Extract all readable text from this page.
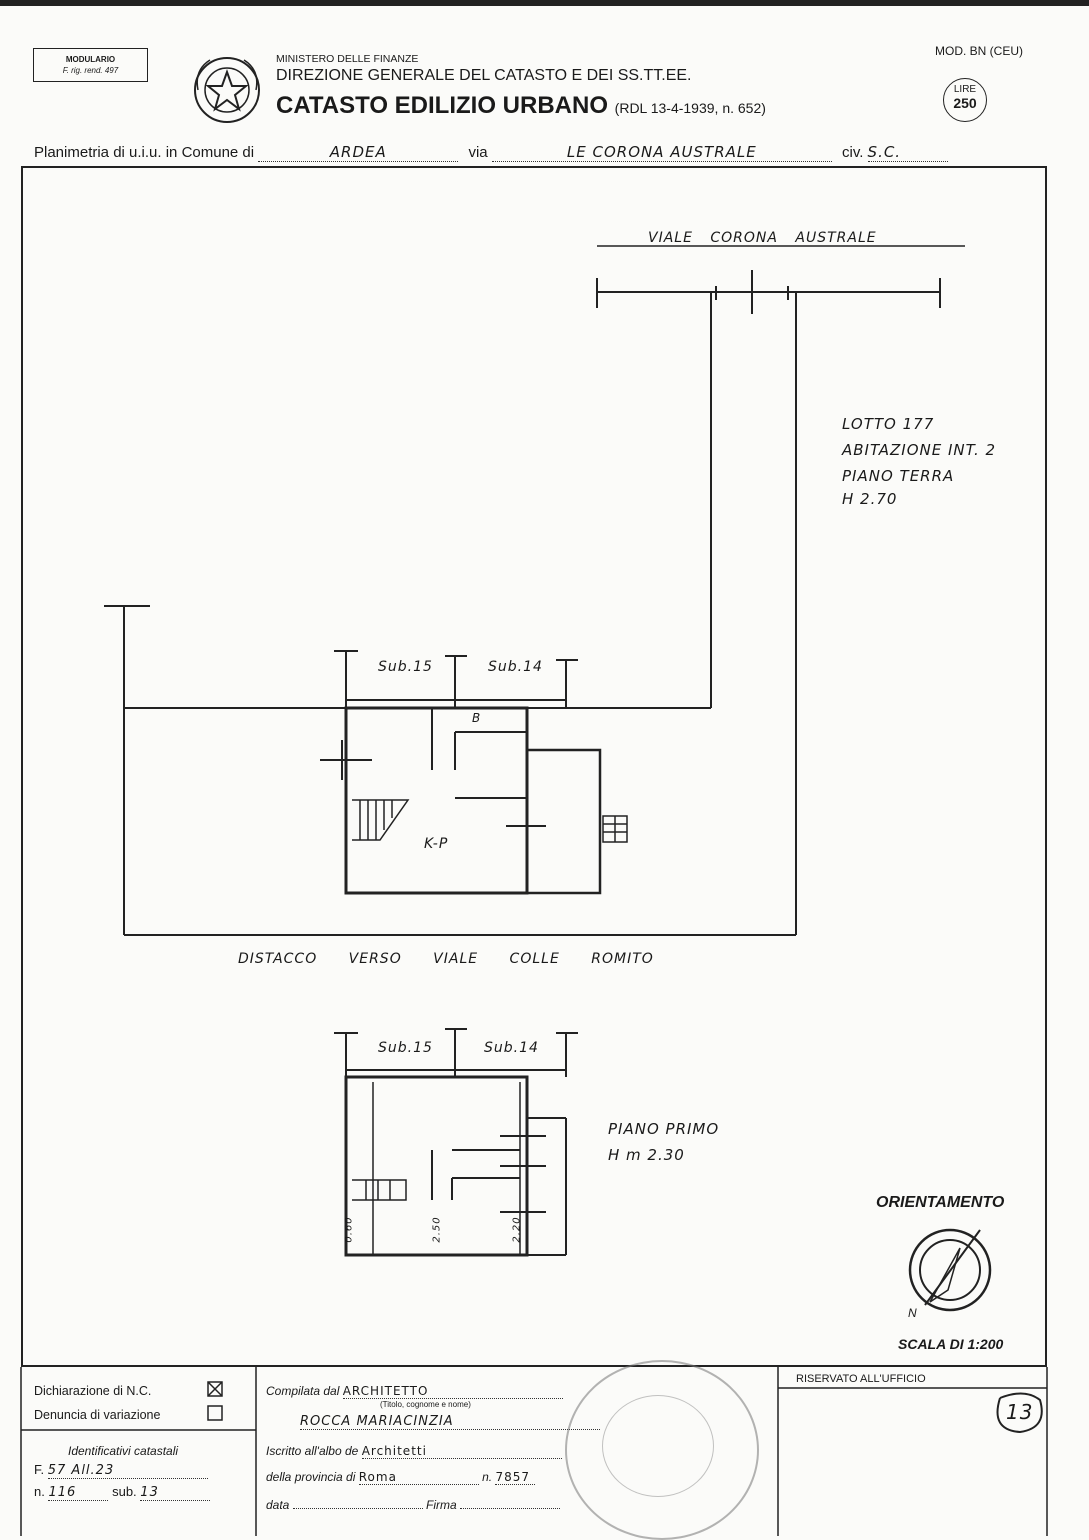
MODULARIO
F. rig. rend. 497
MINISTERO DELLE FINANZE
DIREZIONE GENERALE DEL CATASTO E DEI SS.TT.EE.
CATASTO EDILIZIO URBANO (RDL 13-4-1939, n. 652)
MOD. BN (CEU)
LIRE
250
Planimetria di u.i.u. in Comune di	ARDEA	via	LE CORONA AUSTRALE	civ. S.C.
VIALE CORONA AUSTRALE
LOTTO 177
ABITAZIONE INT. 2
PIANO TERRA
H 2.70
Sub.15	Sub.14
B
K-P
DISTACCO VERSO VIALE COLLE ROMITO
Sub.15	Sub.14
PIANO PRIMO
H m 2.30
0.60	2.50	2.20
ORIENTAMENTO
N
SCALA DI 1:200
Dichiarazione di N.C.
Denuncia di variazione
Identificativi catastali
F. 57 All.23
n. 116	sub. 13
Compilata dal ARCHITETTO
(Titolo, cognome e nome)
ROCCA MARIACINZIA
Iscritto all'albo de Architetti
della provincia di Roma	n. 7857
data	Firma
RISERVATO ALL'UFFICIO
13
